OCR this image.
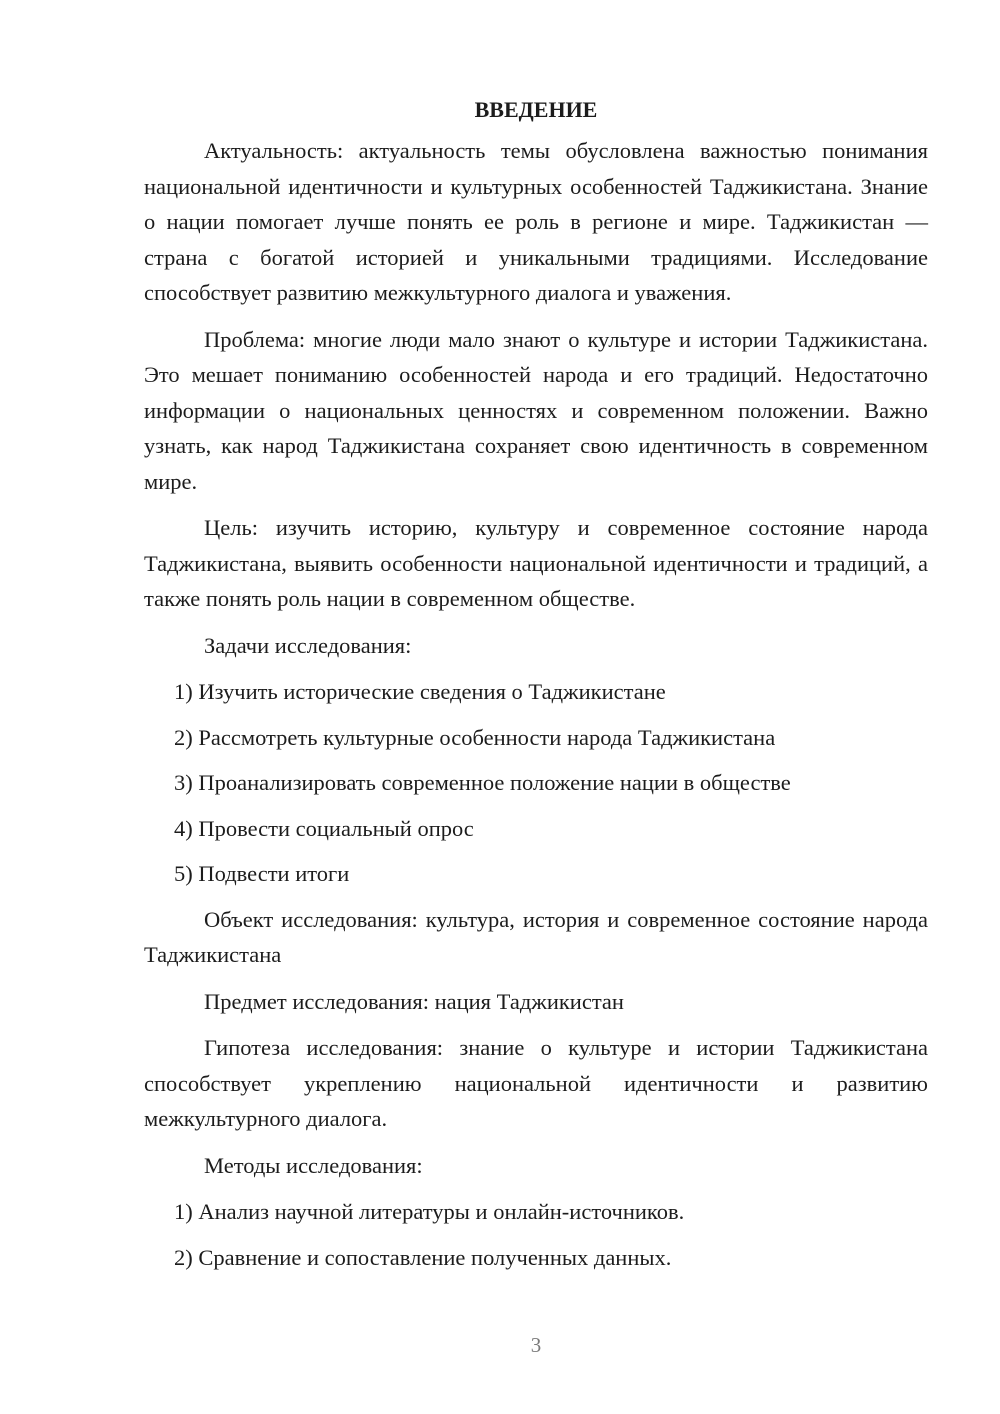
ВВЕДЕНИЕ

Актуальность: актуальность темы обусловлена важностью понимания национальной идентичности и культурных особенностей Таджикистана. Знание о нации помогает лучше понять ее роль в регионе и мире. Таджикистан — страна с богатой историей и уникальными традициями. Исследование способствует развитию межкультурного диалога и уважения.

Проблема: многие люди мало знают о культуре и истории Таджикистана. Это мешает пониманию особенностей народа и его традиций. Недостаточно информации о национальных ценностях и современном положении. Важно узнать, как народ Таджикистана сохраняет свою идентичность в современном мире.

Цель: изучить историю, культуру и современное состояние народа Таджикистана, выявить особенности национальной идентичности и традиций, а также понять роль нации в современном обществе.

Задачи исследования:

1) Изучить исторические сведения о Таджикистане
2) Рассмотреть культурные особенности народа Таджикистана
3) Проанализировать современное положение нации в обществе
4) Провести социальный опрос
5) Подвести итоги

Объект исследования: культура, история и современное состояние народа Таджикистана

Предмет исследования: нация Таджикистан

Гипотеза исследования: знание о культуре и истории Таджикистана способствует укреплению национальной идентичности и развитию межкультурного диалога.

Методы исследования:

1) Анализ научной литературы и онлайн-источников.
2) Сравнение и сопоставление полученных данных.
3
